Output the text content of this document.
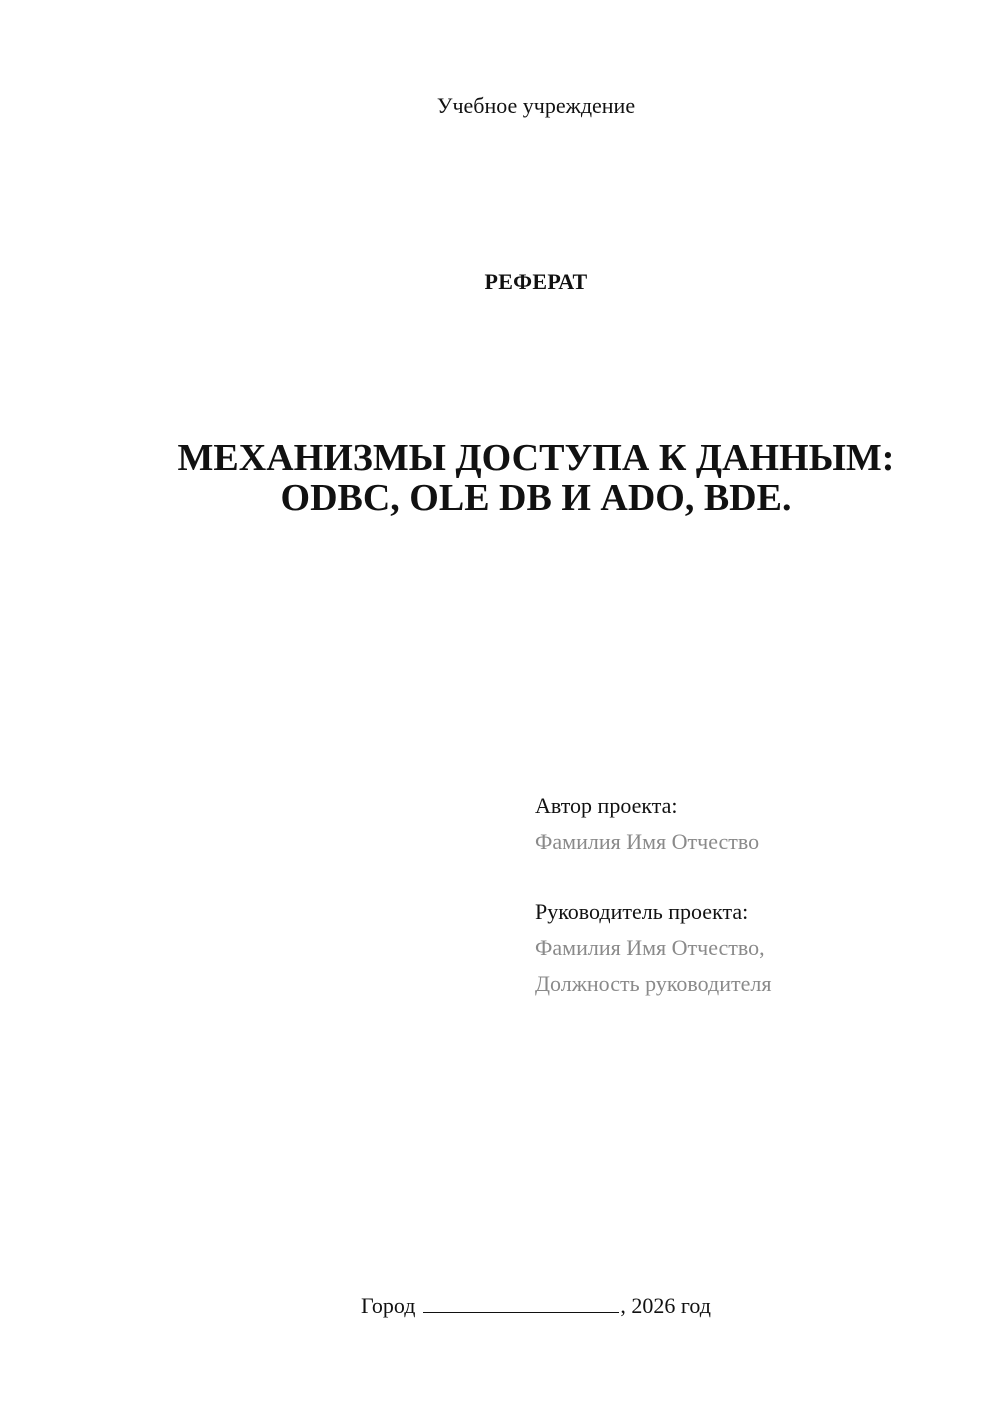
Учебное учреждение
РЕФЕРАТ
МЕХАНИЗМЫ ДОСТУПА К ДАННЫМ:
ODBC, OLE DB И ADO, BDE.
Автор проекта:
Фамилия Имя Отчество
Руководитель проекта:
Фамилия Имя Отчество,
Должность руководителя
Город	, 2026 год
